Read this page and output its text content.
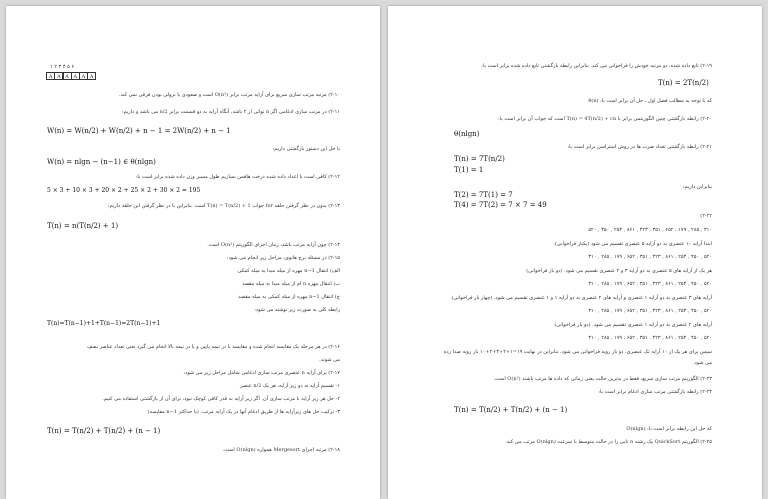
۱ ۲ ۳ ۴ ۵ ۶
A A A A A A
۲-۱۰) مرتبه مرتب سازی سریع برای آرایه مرتب برابر O(n²) است و صعودی یا نزولی بودن فرقی نمی کند.
۲-۱۱) در مرتب سازی ادغامی اگر n توانی از ۲ باشد، آنگاه آرایه به دو قسمت برابر n/2 می باشد و داریم:
W(n) = W(n/2) + W(n/2) + n − 1 = 2W(n/2) + n − 1
با حل این دستور بازگشتی داریم:
W(n) = nlgn − (n−1) ∈ θ(nlgn)
۲-۱۲) کافی است با اعداد داده شده درخت هافمن بسازیم طول مسیر وزن داده شده برابر است با:
5 × 3 + 10 × 3 + 20 × 2 + 25 × 2 + 30 × 2 = 195
۲-۱۳) بدون در نظر گرفتن حلقه for جواب T(n) = T(n/2) + 1 است. بنابراین با در نظر گرفتن این حلقه داریم:
T(n) = n(T(n/2) + 1)
۲-۱۴) چون آرایه مرتب باشد، زمان اجرای الگوریتم O(n²) است.
۲-۱۵) در مسئله برج هانوی، مراحل زیر انجام می شود:
الف) انتقال n−1 مهره از میله مبدا به میله کمکی
ب) انتقال مهره n ام از میله مبدا به میله مقصد
ج) انتقال n−1 مهره از میله کمکی به میله مقصد
رابطه کلی به صورت زیر نوشته می شود:
T(n)=T(n−1)+1+T(n−1)=2T(n−1)+1
۲-۱۶) در هر مرحله یک مقایسه انجام شده و مقایسه با در نیمه پایین و یا در نیمه بالا انجام می گیرد یعنی تعداد عناصر نصف
می شوند.
۲-۱۷) برای آرایه n عنصری مرتب سازی ادغامی شامل مراحل زیر می شود:
۱- تقسیم آرایه به دو زیر آرایه، هر یک n/2 عنصر
۲- حل هر زیر آرایه با مرتب سازی آن. اگر زیر آرایه به قدر کافی کوچک نبود، برای آن از بازگشتی استفاده می کنیم.
۳- ترکیب حل های زیرآرایه ها از طریق ادغام آنها در یک آرایه مرتب. (با حداکثر n−1 مقایسه)
T(n) = T(n/2) + T(n/2) + (n − 1)
۲-۱۸) مرتبه اجرای Mergesort همواره O(nlgn) است.
۲-۱۹) تابع داده شده، دو مرتبه خودش را فراخوانی می کند. بنابراین رابطه بازگشتی تابع داده شده برابر است با:
T(n) = 2T(n/2)
که با توجه به مطالب فصل اول ، حل آن برابر است با: θ(n)
۲-۲۰) رابطه بازگشتی چنین الگوریتمی برابر با T(n) = 4T(n/2) + cn است که جواب آن برابر است با:
θ(nlgn)
۲-۲۱) رابطه بازگشتی تعداد ضرب ها در روش استراسن برابر است با:
T(n) = 7T(n/2)
T(1) = 1
بنابراین داریم:
T(2) = 7T(1) = 7
T(4) = 7T(2) = 7 × 7 = 49
۲-۲۲)
۳۱۰ , ۲۸۵ , ۱۷۹ , ۶۵۲ , ۳۵۱ , ۴۲۳ , ۸۶۱ , ۲۵۴ , ۴۵۰ , ۵۲۰
ابتدا آرایه ۱۰ عنصری به دو آرایه ۵ عنصری تقسیم می شود (یکبار فراخوانی).
۵۲۰ , ۴۵۰ , ۲۵۴ , ۸۶۱ , ۴۲۳ , ۳۵۱ , ۶۵۲ , ۱۷۹ , ۲۸۵ , ۳۱۰
هر یک از آرایه های ۵ عنصری به دو آرایه ۳ و ۲ عنصری تقسیم می شود. (دو بار فراخوانی)
۵۲۰ , ۴۵۰ , ۲۵۴ , ۸۶۱ , ۴۲۳ , ۳۵۱ , ۶۵۲ , ۱۷۹ , ۲۸۵ , ۳۱۰
آرایه های ۳ عنصری به دو آرایه ۱ عنصری و آرایه های ۲ عنصری به دو آرایه ۱ و ۱ عنصری تقسیم می شود. (چهار بار فراخوانی)
۵۲۰ , ۴۵۰ , ۲۵۴ , ۸۶۱ , ۴۲۳ , ۳۵۱ , ۶۵۲ , ۱۷۹ , ۲۸۵ , ۳۱۰
آرایه های ۲ عنصری به دو آرایه ۱ عنصری تقسیم می شود. (دو بار فراخوانی)
۵۲۰ , ۴۵۰ , ۲۵۴ , ۸۶۱ , ۴۲۳ , ۳۵۱ , ۶۵۲ , ۱۷۹ , ۲۸۵ , ۳۱۰
سپس برای هر یک از ۱۰ آرایه تک عنصری، دو بار رویه فراخوانی می شود. بنابراین در نهایت ۱۹=۱+۲+۴+۲+۱۰ بار رویه صدا زده
می شود.
۲-۲۳) الگوریتم مرتب سازی سریع، فقط در بدترین حالت یعنی زمانی که داده ها مرتب باشند O(n²) است.
۲-۲۴) رابطه بازگشتی مرتب سازی ادغام برابر است با:
T(n) = T(n/2) + T(n/2) + (n − 1)
که حل این رابطه برابر است با: O(nlgn)
۲-۲۵) الگوریتم QuickSort یک رشته n تایی را در حالت متوسط با سرعت O(nlgn) مرتب می کند.
